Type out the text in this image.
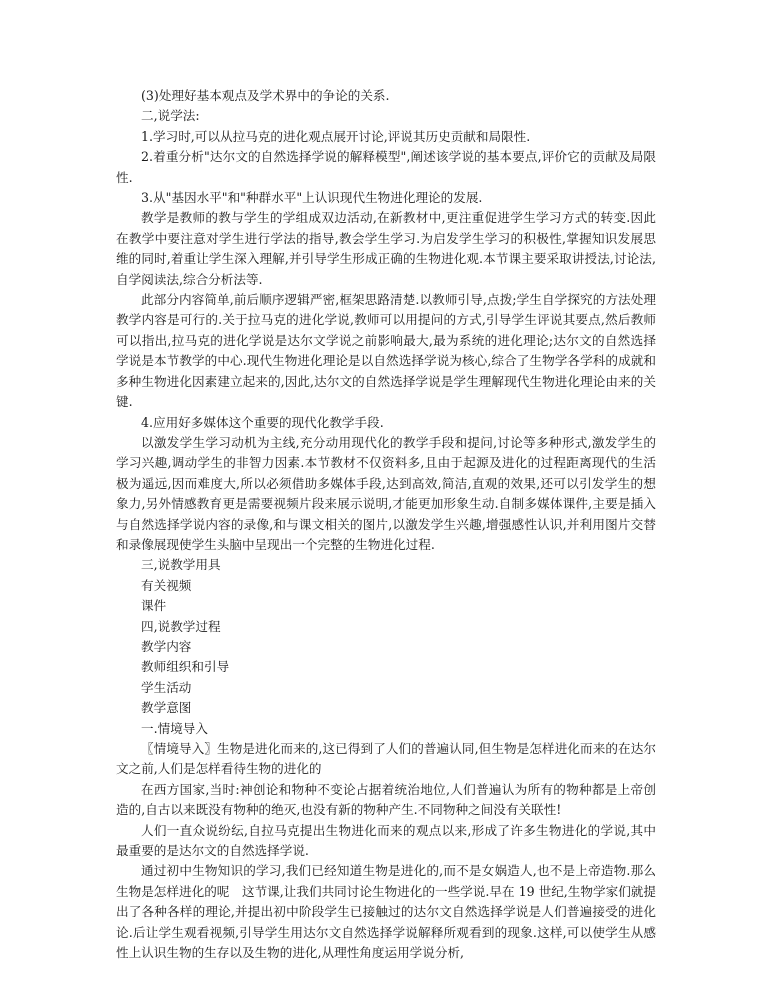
(3)处理好基本观点及学术界中的争论的关系.

二,说学法:

1.学习时,可以从拉马克的进化观点展开讨论,评说其历史贡献和局限性.

2.着重分析"达尔文的自然选择学说的解释模型",阐述该学说的基本要点,评价它的贡献及局限性.

3.从"基因水平"和"种群水平"上认识现代生物进化理论的发展.

教学是教师的教与学生的学组成双边活动,在新教材中,更注重促进学生学习方式的转变.因此在教学中要注意对学生进行学法的指导,教会学生学习.为启发学生学习的积极性,掌握知识发展思维的同时,着重让学生深入理解,并引导学生形成正确的生物进化观.本节课主要采取讲授法,讨论法,自学阅读法,综合分析法等.

此部分内容简单,前后顺序逻辑严密,框架思路清楚.以教师引导,点拨;学生自学探究的方法处理教学内容是可行的.关于拉马克的进化学说,教师可以用提问的方式,引导学生评说其要点,然后教师可以指出,拉马克的进化学说是达尔文学说之前影响最大,最为系统的进化理论;达尔文的自然选择学说是本节教学的中心.现代生物进化理论是以自然选择学说为核心,综合了生物学各学科的成就和多种生物进化因素建立起来的,因此,达尔文的自然选择学说是学生理解现代生物进化理论由来的关键.

4.应用好多媒体这个重要的现代化教学手段.

以激发学生学习动机为主线,充分动用现代化的教学手段和提问,讨论等多种形式,激发学生的学习兴趣,调动学生的非智力因素.本节教材不仅资料多,且由于起源及进化的过程距离现代的生活极为遥远,因而难度大,所以必须借助多媒体手段,达到高效,简洁,直观的效果,还可以引发学生的想象力,另外情感教育更是需要视频片段来展示说明,才能更加形象生动.自制多媒体课件,主要是插入与自然选择学说内容的录像,和与课文相关的图片,以激发学生兴趣,增强感性认识,并利用图片交替和录像展现使学生头脑中呈现出一个完整的生物进化过程.

三,说教学用具

有关视频

课件

四,说教学过程

教学内容

教师组织和引导

学生活动

教学意图

一.情境导入

〖情境导入〗生物是进化而来的,这已得到了人们的普遍认同,但生物是怎样进化而来的在达尔文之前,人们是怎样看待生物的进化的

在西方国家,当时:神创论和物种不变论占据着统治地位,人们普遍认为所有的物种都是上帝创造的,自古以来既没有物种的绝灭,也没有新的物种产生.不同物种之间没有关联性!

人们一直众说纷纭,自拉马克提出生物进化而来的观点以来,形成了许多生物进化的学说,其中最重要的是达尔文的自然选择学说.

通过初中生物知识的学习,我们已经知道生物是进化的,而不是女娲造人,也不是上帝造物.那么生物是怎样进化的呢　这节课,让我们共同讨论生物进化的一些学说.早在 19 世纪,生物学家们就提出了各种各样的理论,并提出初中阶段学生已接触过的达尔文自然选择学说是人们普遍接受的进化论.后让学生观看视频,引导学生用达尔文自然选择学说解释所观看到的现象.这样,可以使学生从感性上认识生物的生存以及生物的进化,从理性角度运用学说分析,
